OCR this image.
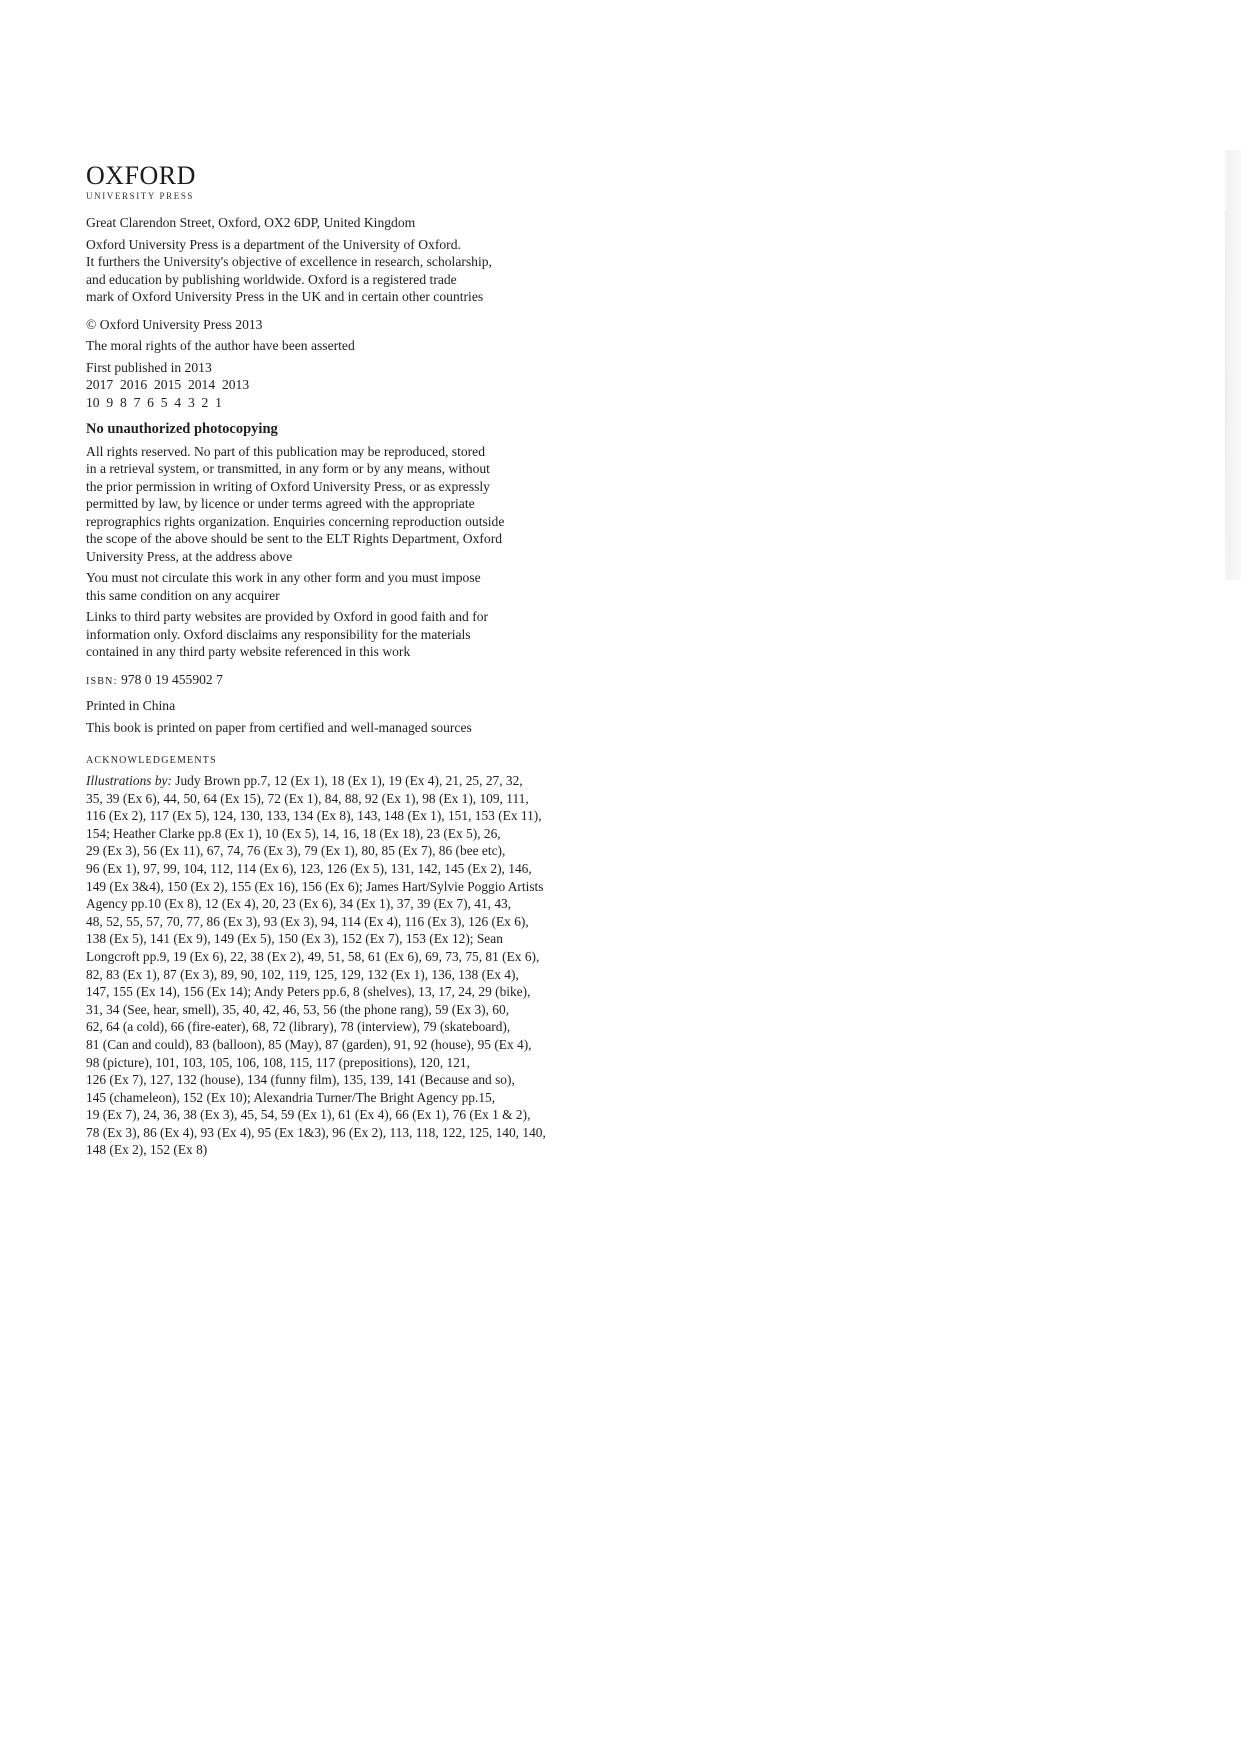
OXFORD
UNIVERSITY PRESS

Great Clarendon Street, Oxford, OX2 6DP, United Kingdom

Oxford University Press is a department of the University of Oxford.

It furthers the University's objective of excellence in research, scholarship,

and education by publishing worldwide. Oxford is a registered trade

mark of Oxford University Press in the UK and in certain other countries

© Oxford University Press 2013

The moral rights of the author have been asserted

First published in 2013

2017  2016  2015  2014  2013

10  9  8  7  6  5  4  3  2  1

No unauthorized photocopying

All rights reserved. No part of this publication may be reproduced, stored

in a retrieval system, or transmitted, in any form or by any means, without

the prior permission in writing of Oxford University Press, or as expressly

permitted by law, by licence or under terms agreed with the appropriate

reprographics rights organization. Enquiries concerning reproduction outside

the scope of the above should be sent to the ELT Rights Department, Oxford

University Press, at the address above

You must not circulate this work in any other form and you must impose

this same condition on any acquirer

Links to third party websites are provided by Oxford in good faith and for

information only. Oxford disclaims any responsibility for the materials

contained in any third party website referenced in this work

ISBN: 978 0 19 455902 7

Printed in China

This book is printed on paper from certified and well-managed sources

ACKNOWLEDGEMENTS
Illustrations by: Judy Brown pp.7, 12 (Ex 1), 18 (Ex 1), 19 (Ex 4), 21, 25, 27, 32,
35, 39 (Ex 6), 44, 50, 64 (Ex 15), 72 (Ex 1), 84, 88, 92 (Ex 1), 98 (Ex 1), 109, 111,
116 (Ex 2), 117 (Ex 5), 124, 130, 133, 134 (Ex 8), 143, 148 (Ex 1), 151, 153 (Ex 11),
154; Heather Clarke pp.8 (Ex 1), 10 (Ex 5), 14, 16, 18 (Ex 18), 23 (Ex 5), 26,
29 (Ex 3), 56 (Ex 11), 67, 74, 76 (Ex 3), 79 (Ex 1), 80, 85 (Ex 7), 86 (bee etc),
96 (Ex 1), 97, 99, 104, 112, 114 (Ex 6), 123, 126 (Ex 5), 131, 142, 145 (Ex 2), 146,
149 (Ex 3&4), 150 (Ex 2), 155 (Ex 16), 156 (Ex 6); James Hart/Sylvie Poggio Artists
Agency pp.10 (Ex 8), 12 (Ex 4), 20, 23 (Ex 6), 34 (Ex 1), 37, 39 (Ex 7), 41, 43,
48, 52, 55, 57, 70, 77, 86 (Ex 3), 93 (Ex 3), 94, 114 (Ex 4), 116 (Ex 3), 126 (Ex 6),
138 (Ex 5), 141 (Ex 9), 149 (Ex 5), 150 (Ex 3), 152 (Ex 7), 153 (Ex 12); Sean
Longcroft pp.9, 19 (Ex 6), 22, 38 (Ex 2), 49, 51, 58, 61 (Ex 6), 69, 73, 75, 81 (Ex 6),
82, 83 (Ex 1), 87 (Ex 3), 89, 90, 102, 119, 125, 129, 132 (Ex 1), 136, 138 (Ex 4),
147, 155 (Ex 14), 156 (Ex 14); Andy Peters pp.6, 8 (shelves), 13, 17, 24, 29 (bike),
31, 34 (See, hear, smell), 35, 40, 42, 46, 53, 56 (the phone rang), 59 (Ex 3), 60,
62, 64 (a cold), 66 (fire-eater), 68, 72 (library), 78 (interview), 79 (skateboard),
81 (Can and could), 83 (balloon), 85 (May), 87 (garden), 91, 92 (house), 95 (Ex 4),
98 (picture), 101, 103, 105, 106, 108, 115, 117 (prepositions), 120, 121,
126 (Ex 7), 127, 132 (house), 134 (funny film), 135, 139, 141 (Because and so),
145 (chameleon), 152 (Ex 10); Alexandria Turner/The Bright Agency pp.15,
19 (Ex 7), 24, 36, 38 (Ex 3), 45, 54, 59 (Ex 1), 61 (Ex 4), 66 (Ex 1), 76 (Ex 1 & 2),
78 (Ex 3), 86 (Ex 4), 93 (Ex 4), 95 (Ex 1&3), 96 (Ex 2), 113, 118, 122, 125, 140, 140,
148 (Ex 2), 152 (Ex 8)
